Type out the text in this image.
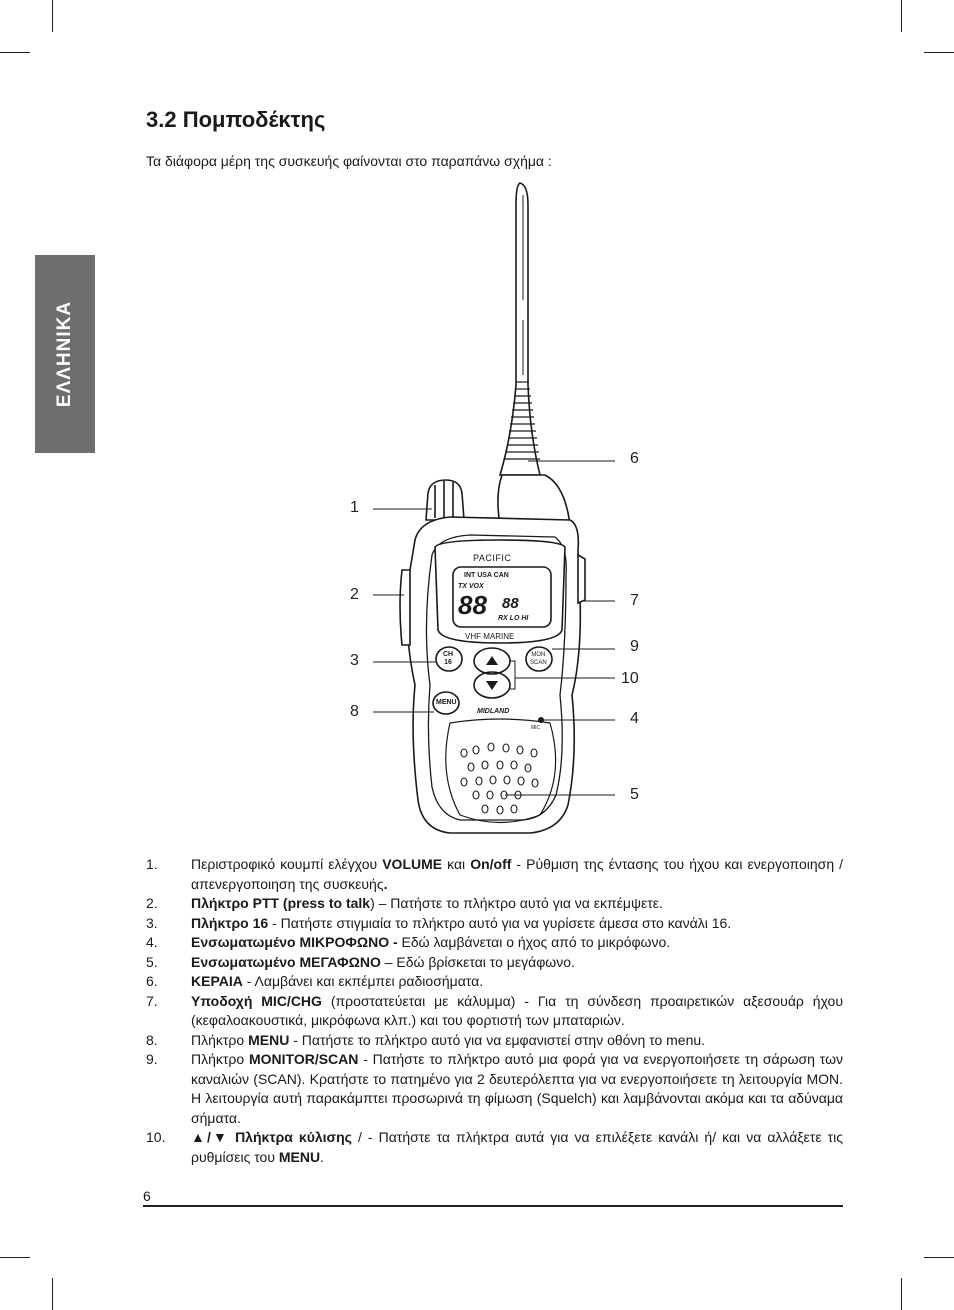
ΕΛΛΗΝΙΚΑ
3.2 Πομποδέκτης

Τα διάφορα μέρη της συσκευής φαίνονται στο παραπάνω σχήμα :

PACIFIC
INT USA CAN
TX VOX
88 88
RX LO HI
VHF MARINE
CH
16
MON
SCAN
MENU
MIDLAND
MIC
1
2
3
8
6
7
9
10
4
5
1.	Περιστροφικό κουμπί ελέγχου VOLUME και On/off - Ρύθμιση της έντασης του ήχου και ενεργοποιηση / απενεργοποιηση της συσκευής.
2.	Πλήκτρο PTT (press to talk) – Πατήστε το πλήκτρο αυτό για να εκπέμψετε.
3.	Πλήκτρο 16 - Πατήστε στιγμιαία το πλήκτρο αυτό για να γυρίσετε άμεσα στο κανάλι 16.
4.	Ενσωματωμένο ΜΙΚΡΟΦΩΝΟ - Εδώ λαμβάνεται ο ήχος από το μικρόφωνο.
5.	Ενσωματωμένο ΜΕΓΑΦΩΝΟ – Εδώ βρίσκεται το μεγάφωνο.
6.	ΚΕΡΑΙΑ - Λαμβάνει και εκπέμπει ραδιοσήματα.
7.	Υποδοχή MIC/CHG (προστατεύεται με κάλυμμα) - Για τη σύνδεση προαιρετικών αξεσουάρ ήχου (κεφαλοακουστικά, μικρόφωνα κλπ.) και του φορτιστή των μπαταριών.
8.	Πλήκτρο MENU - Πατήστε το πλήκτρο αυτό για να εμφανιστεί στην οθόνη το menu.
9.	Πλήκτρο MONITOR/SCAN - Πατήστε το πλήκτρο αυτό μια φορά για να ενεργοποιήσετε τη σάρωση των καναλιών (SCAN). Κρατήστε το πατημένο για 2 δευτερόλεπτα για να ενεργοποιήσετε τη λειτουργία MON. Η λειτουργία αυτή παρακάμπτει προσωρινά τη φίμωση (Squelch) και λαμβάνονται ακόμα και τα αδύναμα σήματα.
10.	▲/▼ Πλήκτρα κύλισης / - Πατήστε τα πλήκτρα αυτά για να επιλέξετε κανάλι ή/ και να αλλάξετε τις ρυθμίσεις του MENU.
6
